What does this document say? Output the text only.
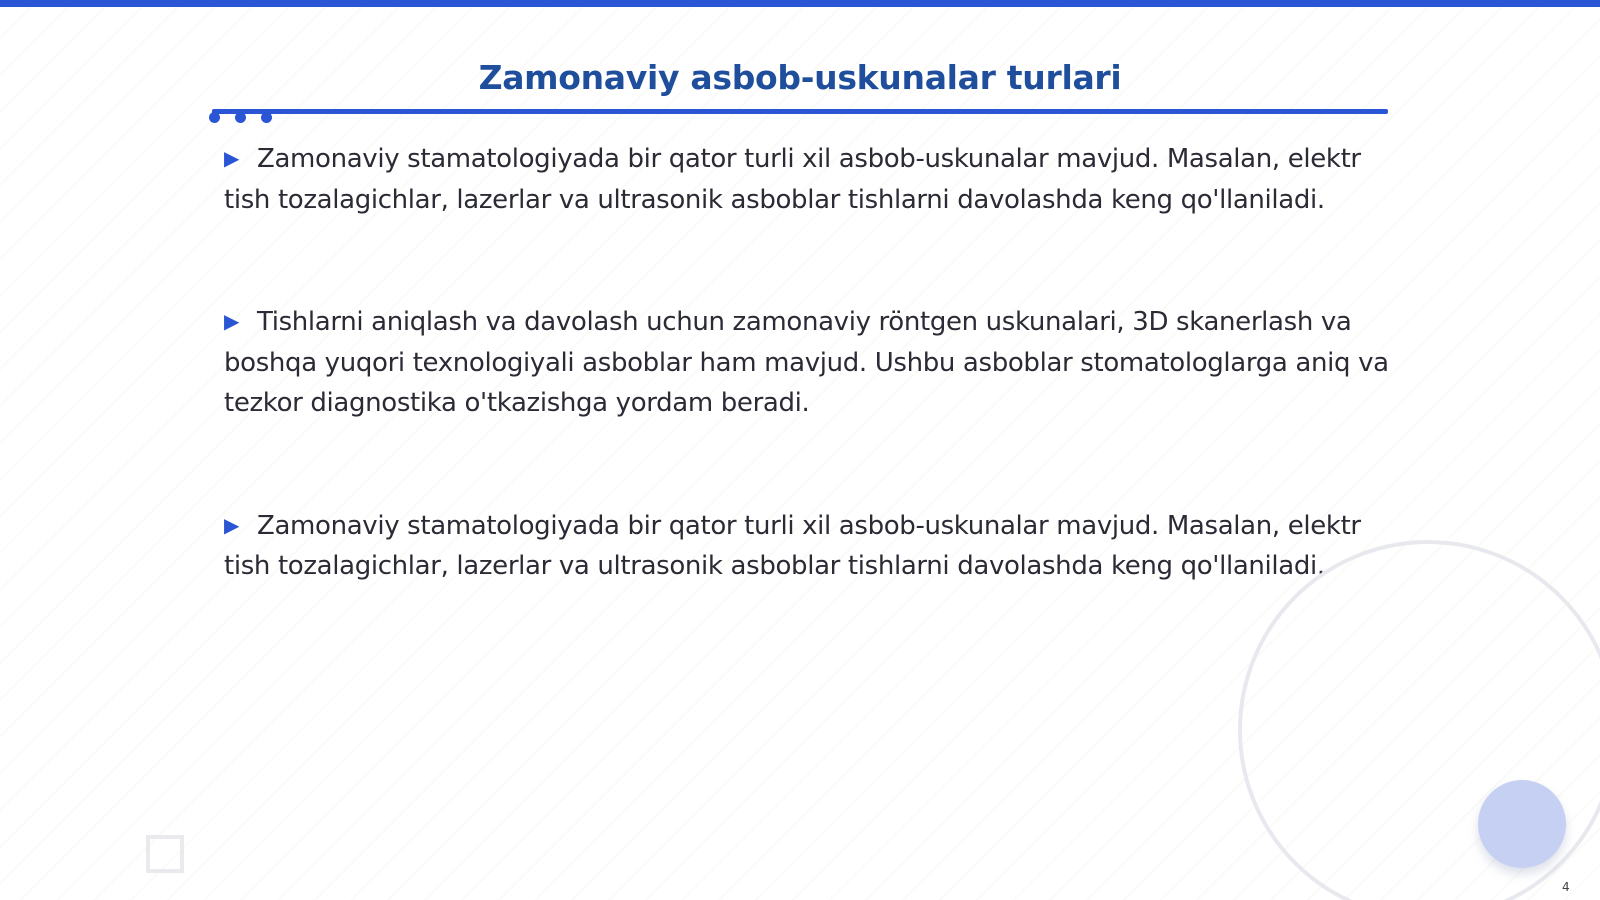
Zamonaviy asbob-uskunalar turlari

▶ Zamonaviy stamatologiyada bir qator turli xil asbob-uskunalar mavjud. Masalan, elektr tish tozalagichlar, lazerlar va ultrasonik asboblar tishlarni davolashda keng qo'llaniladi.

▶ Tishlarni aniqlash va davolash uchun zamonaviy röntgen uskunalari, 3D skanerlash va boshqa yuqori texnologiyali asboblar ham mavjud. Ushbu asboblar stomatologlarga aniq va tezkor diagnostika o'tkazishga yordam beradi.

▶ Zamonaviy stamatologiyada bir qator turli xil asbob-uskunalar mavjud. Masalan, elektr tish tozalagichlar, lazerlar va ultrasonik asboblar tishlarni davolashda keng qo'llaniladi.

4
